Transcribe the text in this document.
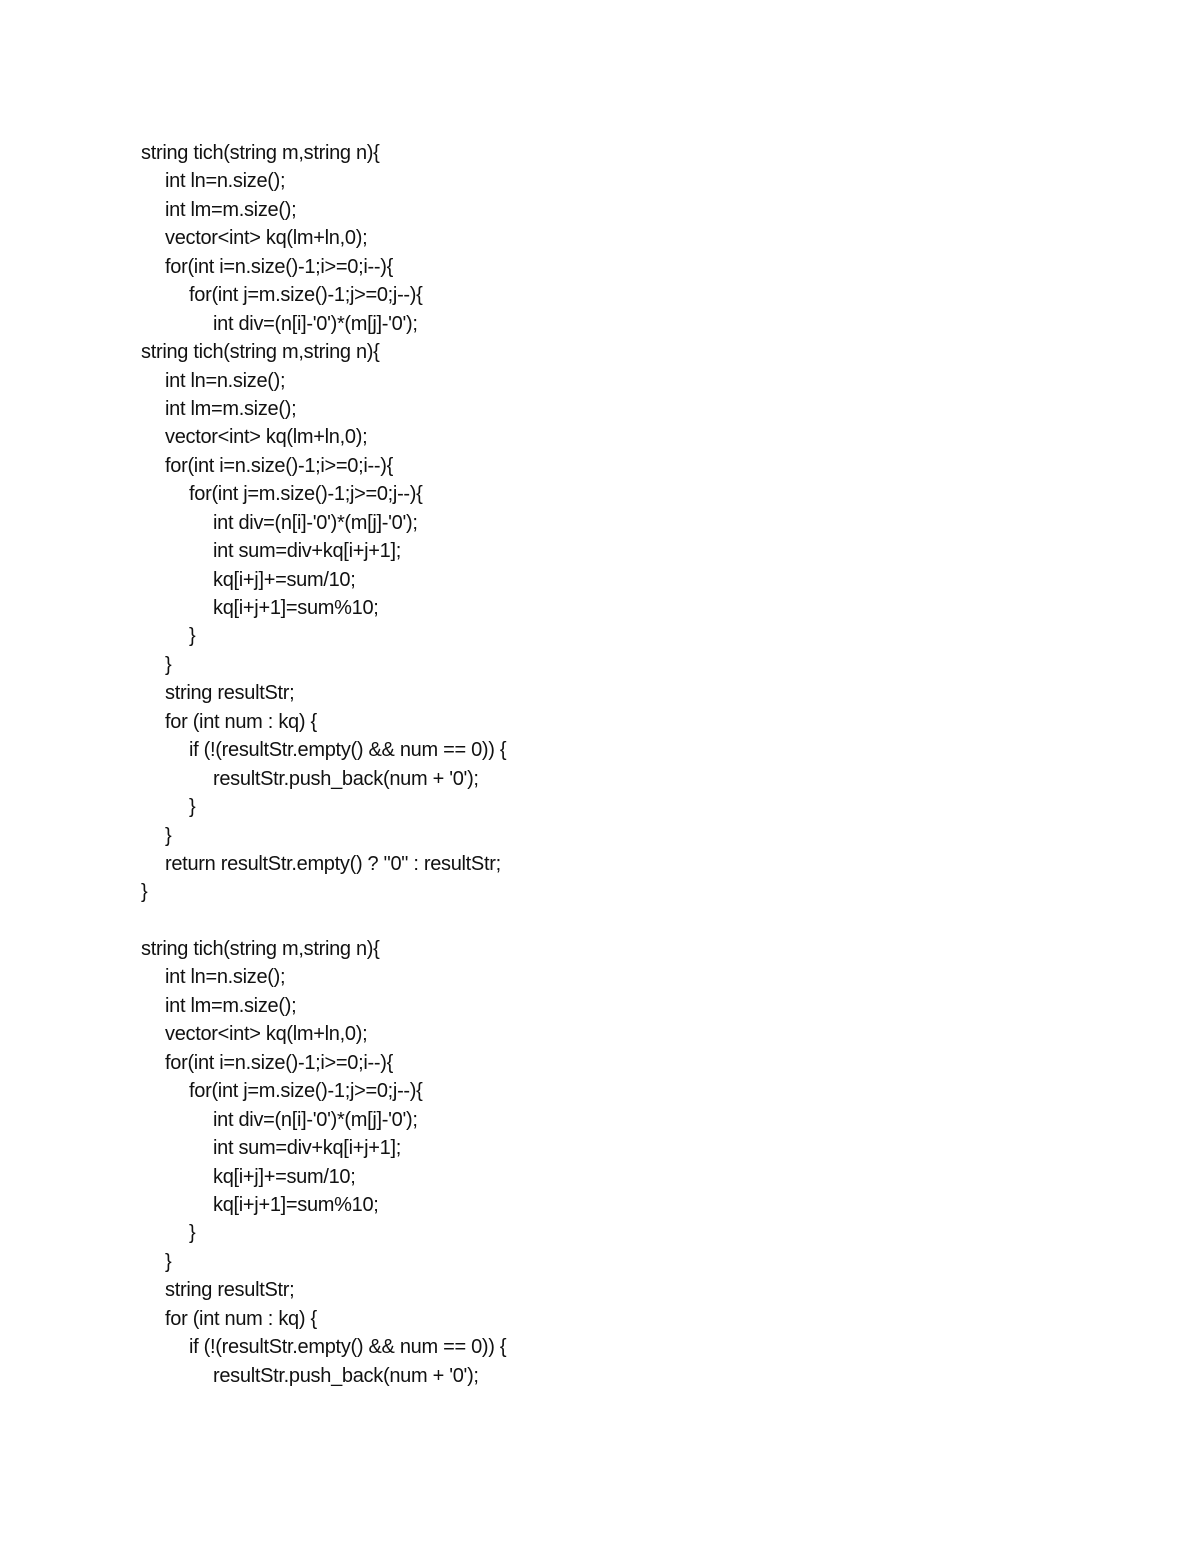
string tich(string m,string n){
int ln=n.size();
int lm=m.size();
vector<int> kq(lm+ln,0);
for(int i=n.size()-1;i>=0;i--){
for(int j=m.size()-1;j>=0;j--){
int div=(n[i]-'0')*(m[j]-'0');
string tich(string m,string n){
int ln=n.size();
int lm=m.size();
vector<int> kq(lm+ln,0);
for(int i=n.size()-1;i>=0;i--){
for(int j=m.size()-1;j>=0;j--){
int div=(n[i]-'0')*(m[j]-'0');
int sum=div+kq[i+j+1];
kq[i+j]+=sum/10;
kq[i+j+1]=sum%10;
}
}
string resultStr;
for (int num : kq) {
if (!(resultStr.empty() && num == 0)) {
resultStr.push_back(num + '0');
}
}
return resultStr.empty() ? "0" : resultStr;
}
string tich(string m,string n){
int ln=n.size();
int lm=m.size();
vector<int> kq(lm+ln,0);
for(int i=n.size()-1;i>=0;i--){
for(int j=m.size()-1;j>=0;j--){
int div=(n[i]-'0')*(m[j]-'0');
int sum=div+kq[i+j+1];
kq[i+j]+=sum/10;
kq[i+j+1]=sum%10;
}
}
string resultStr;
for (int num : kq) {
if (!(resultStr.empty() && num == 0)) {
resultStr.push_back(num + '0');
